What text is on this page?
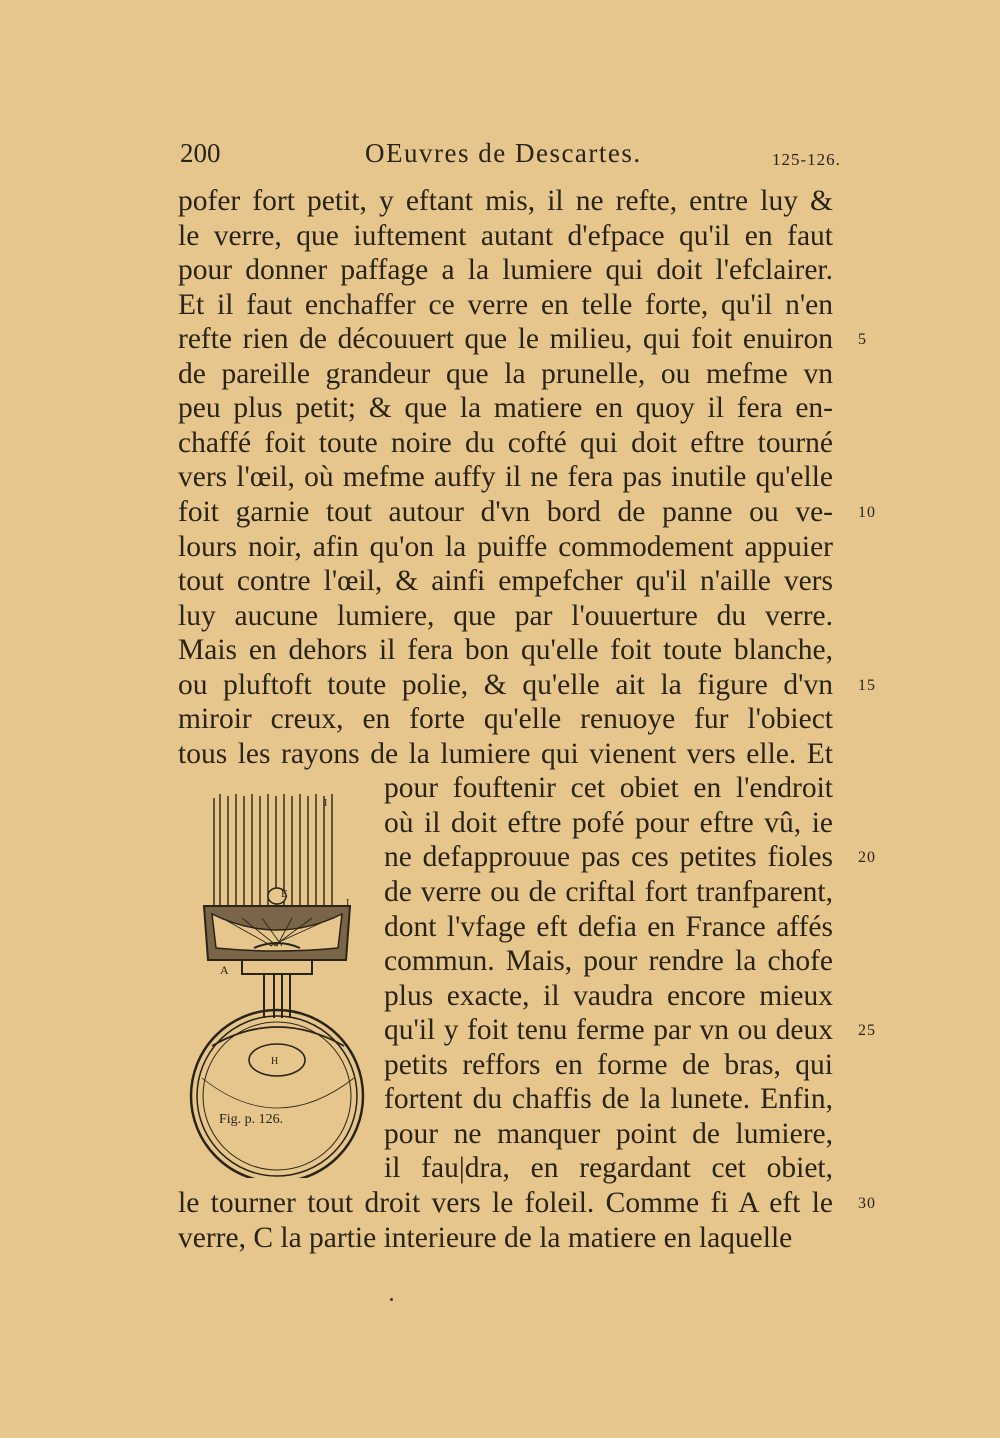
200	OEuvres de Descartes.	125-126.
pofer fort petit, y eftant mis, il ne refte, entre luy &
le verre, que iuftement autant d'efpace qu'il en faut
pour donner paffage a la lumiere qui doit l'efclairer.
Et il faut enchaffer ce verre en telle forte, qu'il n'en
refte rien de découuert que le milieu, qui foit enuiron
de pareille grandeur que la prunelle, ou mefme vn
peu plus petit; & que la matiere en quoy il fera en-
chaffé foit toute noire du cofté qui doit eftre tourné
vers l'œil, où mefme auffy il ne fera pas inutile qu'elle
foit garnie tout autour d'vn bord de panne ou ve-
lours noir, afin qu'on la puiffe commodement appuier
tout contre l'œil, & ainfi empefcher qu'il n'aille vers
luy aucune lumiere, que par l'ouuerture du verre.
Mais en dehors il fera bon qu'elle foit toute blanche,
ou pluftoft toute polie, & qu'elle ait la figure d'vn
miroir creux, en forte qu'elle renuoye fur l'obiect
tous les rayons de la lumiere qui vienent vers elle. Et
pour fouftenir cet obiet en l'endroit
où il doit eftre pofé pour eftre vû, ie
ne defapprouue pas ces petites fioles
de verre ou de criftal fort tranfparent,
dont l'vfage eft defia en France affés
commun. Mais, pour rendre la chofe
plus exacte, il vaudra encore mieux
qu'il y foit tenu ferme par vn ou deux
petits reffors en forme de bras, qui
fortent du chaffis de la lunete. Enfin,
pour ne manquer point de lumiere,
il fau|dra, en regardant cet obiet,
le tourner tout droit vers le foleil. Comme fi A eft le
verre, C la partie interieure de la matiere en laquelle
5
10
15
20
25
30
E
A
H
I
I
Fig. p. 126.
